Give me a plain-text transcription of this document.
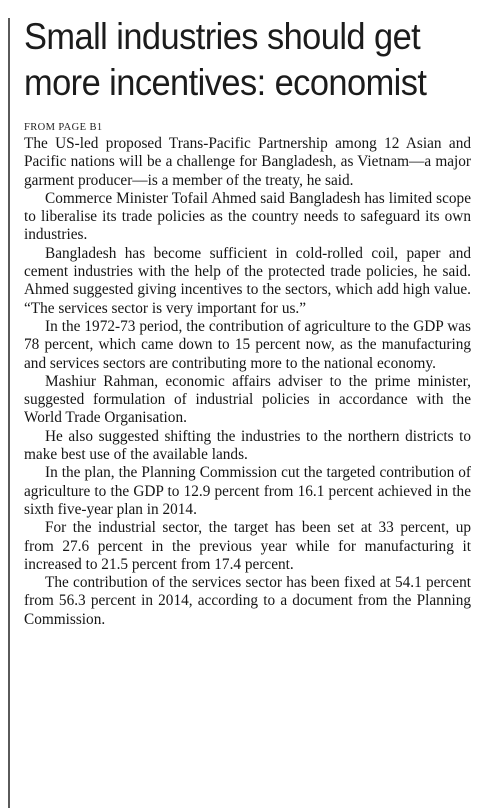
Small industries should get
more incentives: economist
FROM PAGE B1

The US-led proposed Trans-Pacific Partnership among 12 Asian and Pacific nations will be a challenge for Bangladesh, as Vietnam—a major garment producer—is a member of the treaty, he said.

Commerce Minister Tofail Ahmed said Bangladesh has limited scope to liberalise its trade policies as the country needs to safeguard its own industries.

Bangladesh has become sufficient in cold-rolled coil, paper and cement industries with the help of the protected trade policies, he said. Ahmed suggested giving incentives to the sectors, which add high value. “The services sector is very important for us.”

In the 1972-73 period, the contribution of agriculture to the GDP was 78 percent, which came down to 15 percent now, as the manufacturing and services sectors are contributing more to the national economy.

Mashiur Rahman, economic affairs adviser to the prime minister, suggested formulation of industrial policies in accordance with the World Trade Organisation.

He also suggested shifting the industries to the northern districts to make best use of the available lands.

In the plan, the Planning Commission cut the targeted contribution of agriculture to the GDP to 12.9 percent from 16.1 percent achieved in the sixth five-year plan in 2014.

For the industrial sector, the target has been set at 33 percent, up from 27.6 percent in the previous year while for manufacturing it increased to 21.5 percent from 17.4 percent.

The contribution of the services sector has been fixed at 54.1 percent from 56.3 percent in 2014, according to a document from the Planning Commission.
